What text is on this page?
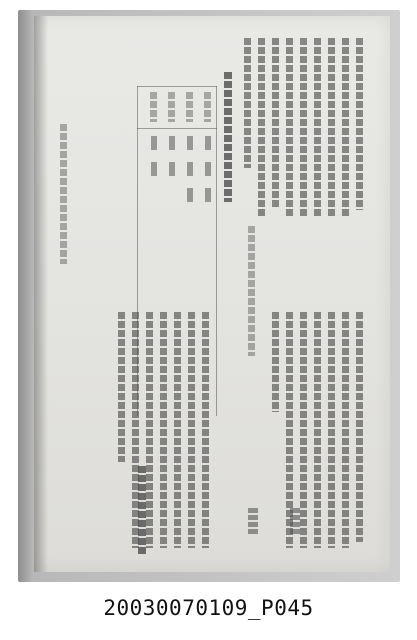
20030070109_P045
